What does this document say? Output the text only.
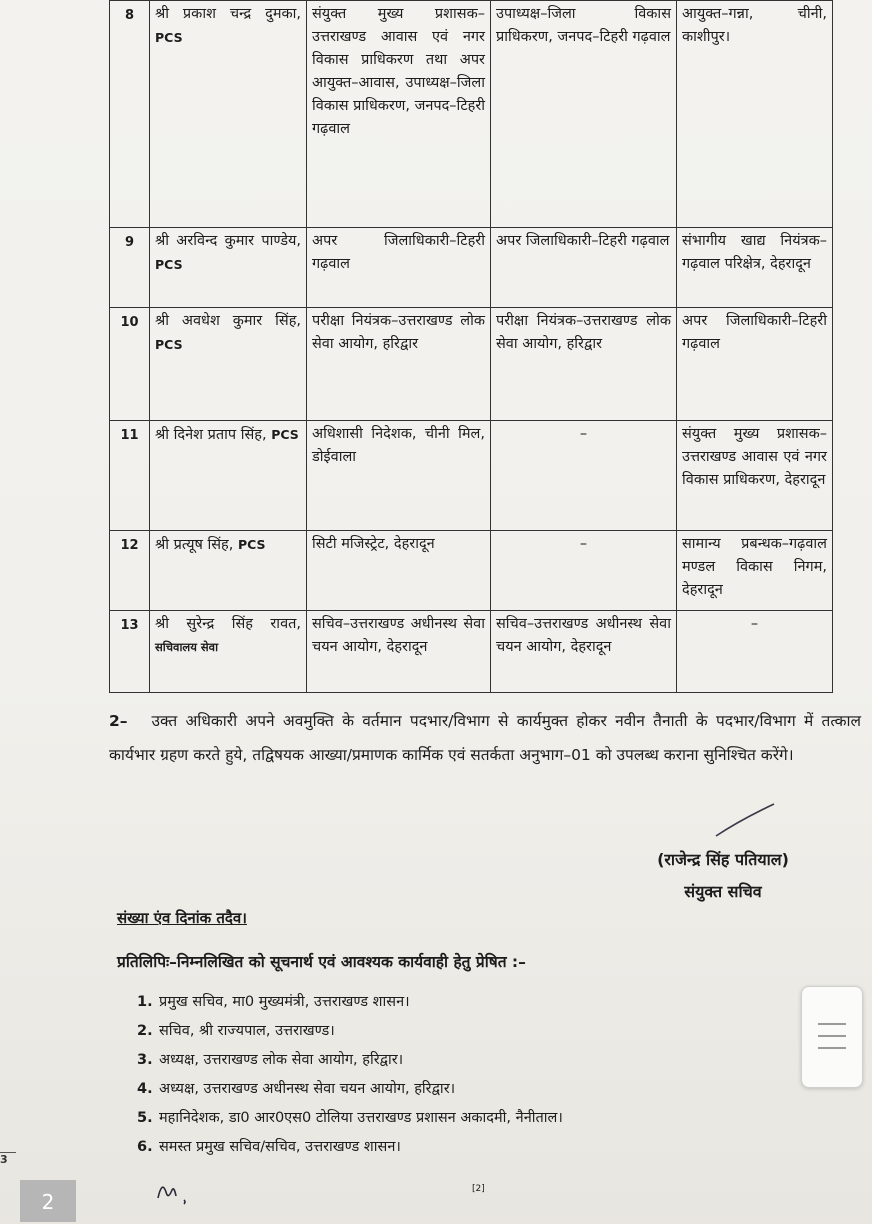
8	श्री प्रकाश चन्द्र दुमका, PCS	संयुक्त मुख्य प्रशासक–उत्तराखण्ड आवास एवं नगर विकास प्राधिकरण तथा अपर आयुक्त–आवास, उपाध्यक्ष–जिला विकास प्राधिकरण, जनपद–टिहरी गढ़वाल	उपाध्यक्ष–जिला विकास प्राधिकरण, जनपद–टिहरी गढ़वाल	आयुक्त–गन्ना, चीनी, काशीपुर।
9	श्री अरविन्द कुमार पाण्डेय, PCS	अपर जिलाधिकारी–टिहरी गढ़वाल	अपर जिलाधिकारी–टिहरी गढ़वाल	संभागीय खाद्य नियंत्रक–गढ़वाल परिक्षेत्र, देहरादून
10	श्री अवधेश कुमार सिंह, PCS	परीक्षा नियंत्रक–उत्तराखण्ड लोक सेवा आयोग, हरिद्वार	परीक्षा नियंत्रक–उत्तराखण्ड लोक सेवा आयोग, हरिद्वार	अपर जिलाधिकारी–टिहरी गढ़वाल
11	श्री दिनेश प्रताप सिंह, PCS	अधिशासी निदेशक, चीनी मिल, डोईवाला	–	संयुक्त मुख्य प्रशासक–उत्तराखण्ड आवास एवं नगर विकास प्राधिकरण, देहरादून
12	श्री प्रत्यूष सिंह, PCS	सिटी मजिस्ट्रेट, देहरादून	–	सामान्य प्रबन्धक–गढ़वाल मण्डल विकास निगम, देहरादून
13	श्री सुरेन्द्र सिंह रावत, सचिवालय सेवा	सचिव–उत्तराखण्ड अधीनस्थ सेवा चयन आयोग, देहरादून	सचिव–उत्तराखण्ड अधीनस्थ सेवा चयन आयोग, देहरादून	–

2– उक्त अधिकारी अपने अवमुक्ति के वर्तमान पदभार/विभाग से कार्यमुक्त होकर नवीन तैनाती के पदभार/विभाग में तत्काल कार्यभार ग्रहण करते हुये, तद्विषयक आख्या/प्रमाणक कार्मिक एवं सतर्कता अनुभाग–01 को उपलब्ध कराना सुनिश्चित करेंगे।

(राजेन्द्र सिंह पतियाल)

संयुक्त सचिव

संख्या एंव दिनांक तदैव।

प्रतिलिपिः–निम्नलिखित को सूचनार्थ एवं आवश्यक कार्यवाही हेतु प्रेषित :–

1. प्रमुख सचिव, मा0 मुख्यमंत्री, उत्तराखण्ड शासन।
2. सचिव, श्री राज्यपाल, उत्तराखण्ड।
3. अध्यक्ष, उत्तराखण्ड लोक सेवा आयोग, हरिद्वार।
4. अध्यक्ष, उत्तराखण्ड अधीनस्थ सेवा चयन आयोग, हरिद्वार।
5. महानिदेशक, डा0 आर0एस0 टोलिया उत्तराखण्ड प्रशासन अकादमी, नैनीताल।
6. समस्त प्रमुख सचिव/सचिव, उत्तराखण्ड शासन।

[2]

3
2
